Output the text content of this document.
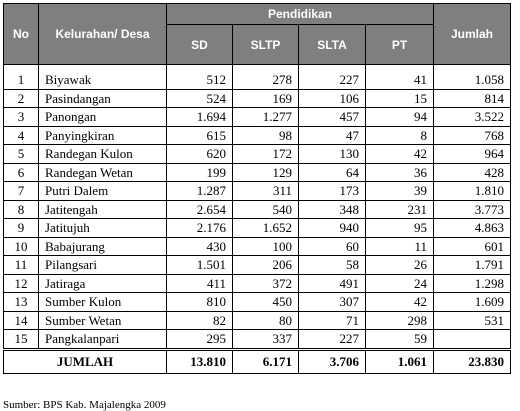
No	Kelurahan/ Desa	Pendidikan				Jumlah
		SD	SLTP	SLTA	PT	
1	Biyawak	512	278	227	41	1.058
2	Pasindangan	524	169	106	15	814
3	Panongan	1.694	1.277	457	94	3.522
4	Panyingkiran	615	98	47	8	768
5	Randegan Kulon	620	172	130	42	964
6	Randegan Wetan	199	129	64	36	428
7	Putri Dalem	1.287	311	173	39	1.810
8	Jatitengah	2.654	540	348	231	3.773
9	Jatitujuh	2.176	1.652	940	95	4.863
10	Babajurang	430	100	60	11	601
11	Pilangsari	1.501	206	58	26	1.791
12	Jatiraga	411	372	491	24	1.298
13	Sumber Kulon	810	450	307	42	1.609
14	Sumber Wetan	82	80	71	298	531
15	Pangkalanpari	295	337	227	59	
JUMLAH		13.810	6.171	3.706	1.061	23.830
Sumber: BPS Kab. Majalengka 2009
